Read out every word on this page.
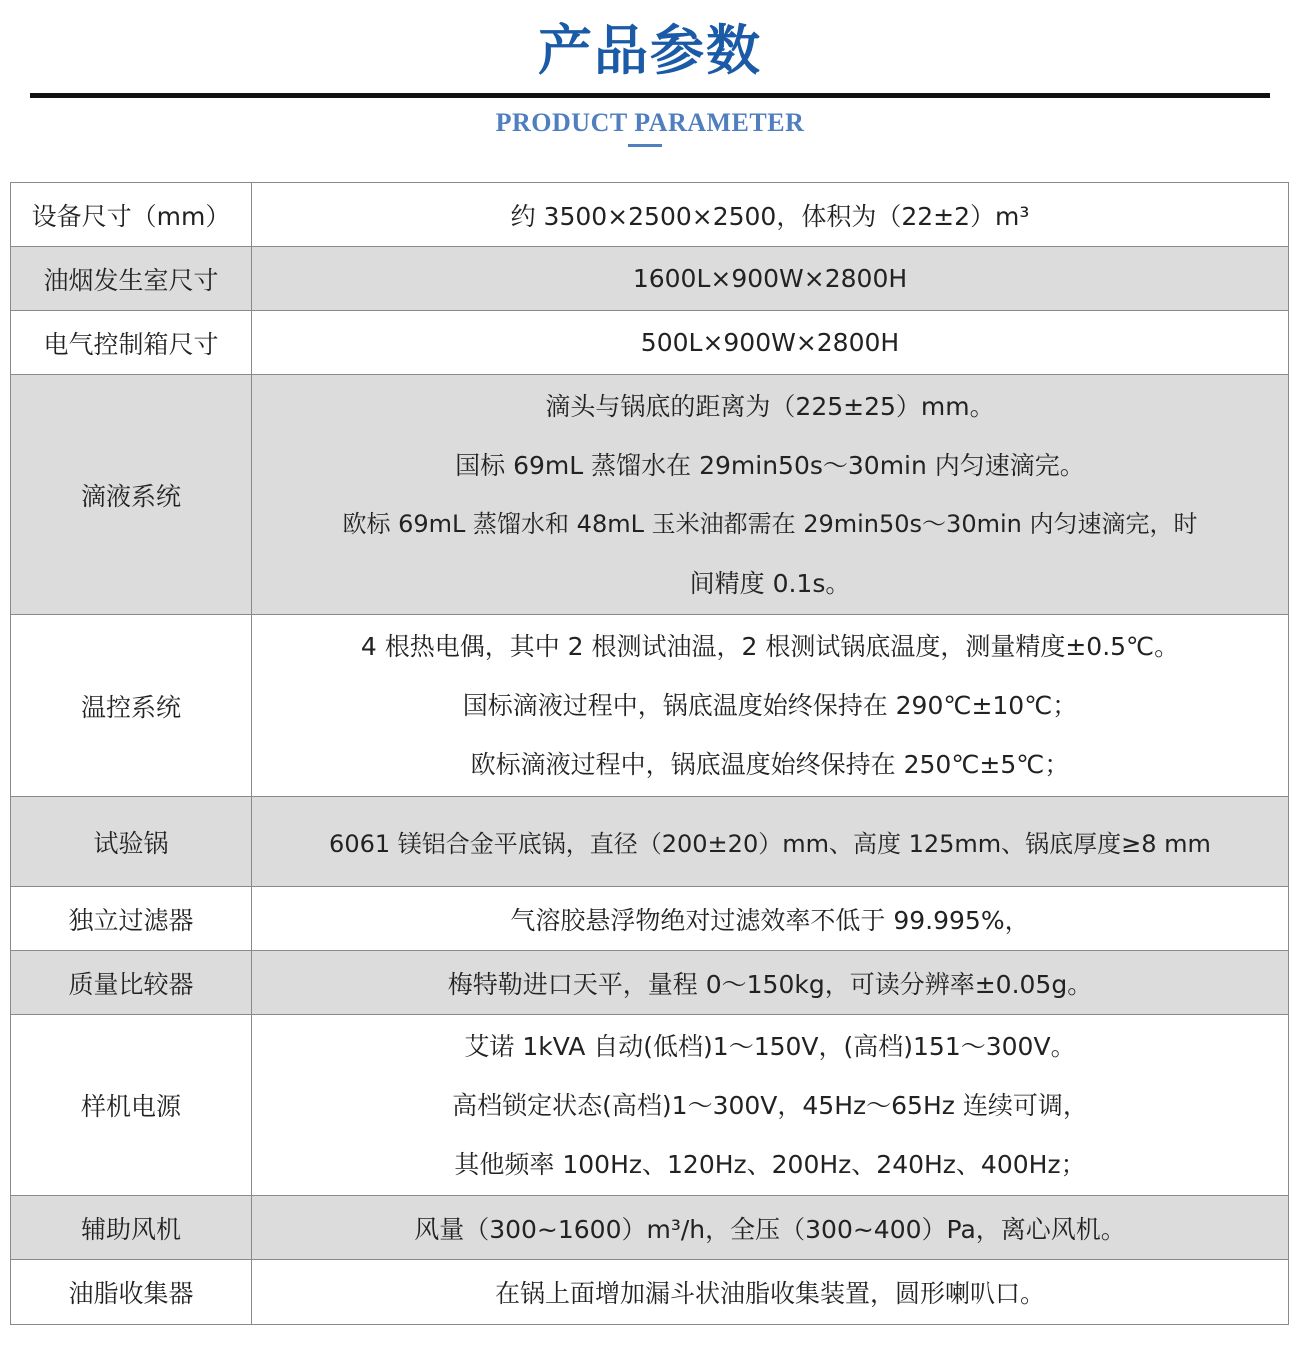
产品参数
PRODUCT PARAMETER
设备尺寸（mm）	约 3500×2500×2500，体积为（22±2）m³

油烟发生室尺寸	1600L×900W×2800H

电气控制箱尺寸	500L×900W×2800H

滴液系统	滴头与锅底的距离为（225±25）mm。
国标 69mL 蒸馏水在 29min50s～30min 内匀速滴完。
欧标 69mL 蒸馏水和 48mL 玉米油都需在 29min50s～30min 内匀速滴完，时
间精度 0.1s。

温控系统	4 根热电偶，其中 2 根测试油温，2 根测试锅底温度，测量精度±0.5℃。
国标滴液过程中，锅底温度始终保持在 290℃±10℃；
欧标滴液过程中，锅底温度始终保持在 250℃±5℃；

试验锅	6061 镁铝合金平底锅，直径（200±20）mm、高度 125mm、锅底厚度≥8 mm

独立过滤器	气溶胶悬浮物绝对过滤效率不低于 99.995%，

质量比较器	梅特勒进口天平，量程 0～150kg，可读分辨率±0.05g。

样机电源	艾诺 1kVA 自动(低档)1～150V，(高档)151～300V。
高档锁定状态(高档)1～300V，45Hz～65Hz 连续可调，
其他频率 100Hz、120Hz、200Hz、240Hz、400Hz；

辅助风机	风量（300~1600）m³/h，全压（300~400）Pa，离心风机。

油脂收集器	在锅上面增加漏斗状油脂收集装置，圆形喇叭口。
